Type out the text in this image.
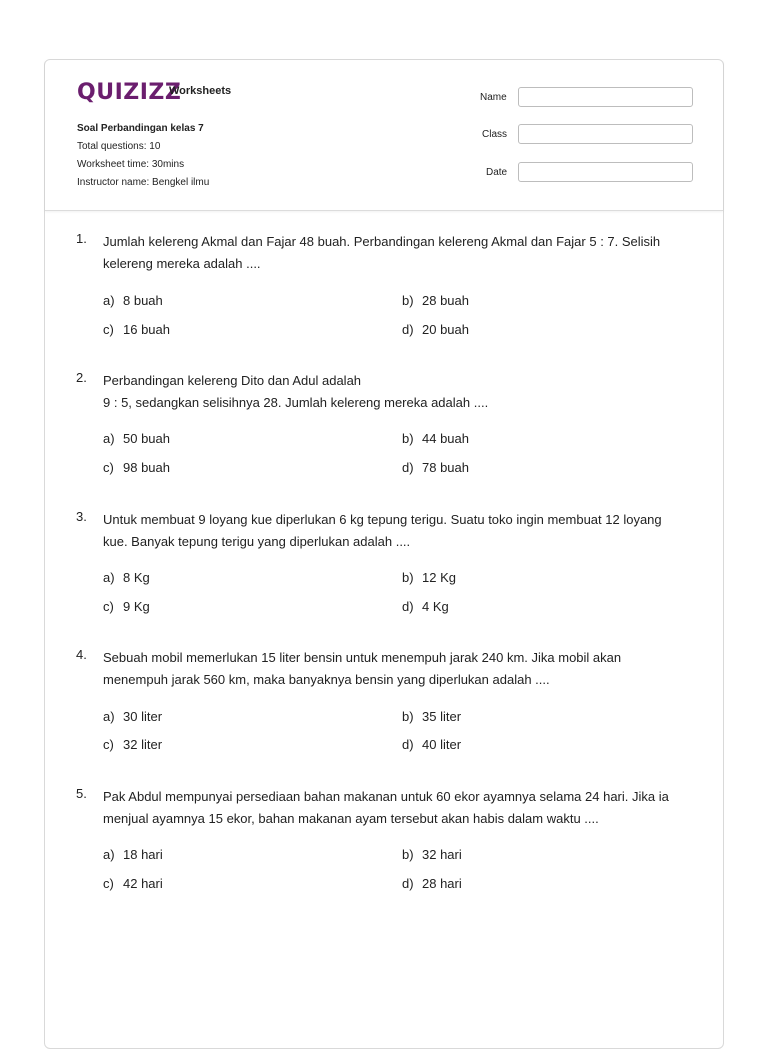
QUIZIZZ
Worksheets
Soal Perbandingan kelas 7
Total questions: 10
Worksheet time: 30mins
Instructor name: Bengkel ilmu
Name
Class
Date
1. Jumlah kelereng Akmal dan Fajar 48 buah. Perbandingan kelereng Akmal dan Fajar 5 : 7. Selisih kelereng mereka adalah ....
a) 8 buah	b) 28 buah
c) 16 buah	d) 20 buah
2. Perbandingan kelereng Dito dan Adul adalah
9 : 5, sedangkan selisihnya 28. Jumlah kelereng mereka adalah ....
a) 50 buah	b) 44 buah
c) 98 buah	d) 78 buah
3. Untuk membuat 9 loyang kue diperlukan 6 kg tepung terigu. Suatu toko ingin membuat 12 loyang kue. Banyak tepung terigu yang diperlukan adalah ....
a) 8 Kg	b) 12 Kg
c) 9 Kg	d) 4 Kg
4. Sebuah mobil memerlukan 15 liter bensin untuk menempuh jarak 240 km. Jika mobil akan menempuh jarak 560 km, maka banyaknya bensin yang diperlukan adalah ....
a) 30 liter	b) 35 liter
c) 32 liter	d) 40 liter
5. Pak Abdul mempunyai persediaan bahan makanan untuk 60 ekor ayamnya selama 24 hari. Jika ia menjual ayamnya 15 ekor, bahan makanan ayam tersebut akan habis dalam waktu ....
a) 18 hari	b) 32 hari
c) 42 hari	d) 28 hari
